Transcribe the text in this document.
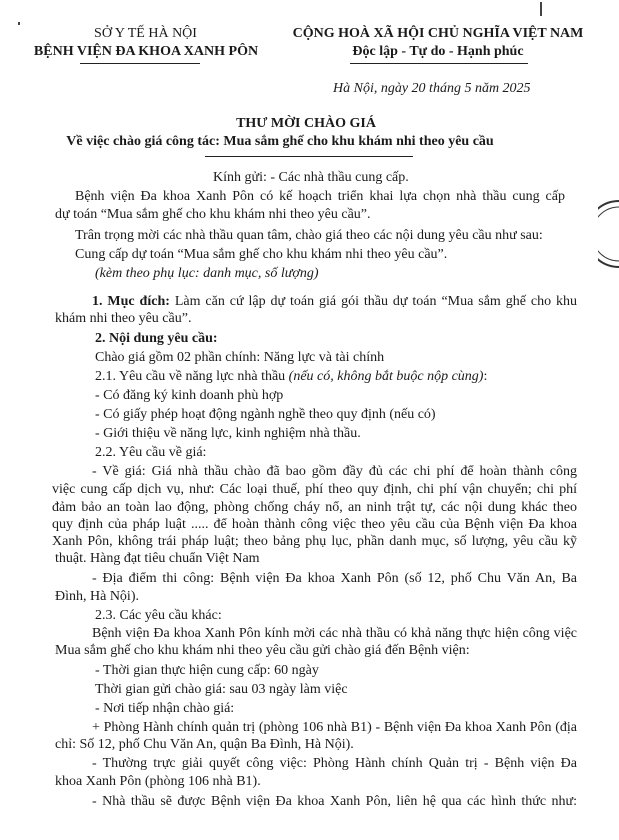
SỞ Y TẾ HÀ NỘI
BỆNH VIỆN ĐA KHOA XANH PÔN
CỘNG HOÀ XÃ HỘI CHỦ NGHĨA VIỆT NAM
Độc lập - Tự do - Hạnh phúc
Hà Nội, ngày 20 tháng 5 năm 2025
THƯ MỜI CHÀO GIÁ
Về việc chào giá công tác: Mua sắm ghế cho khu khám nhi theo yêu cầu
Kính gửi: - Các nhà thầu cung cấp.
Bệnh viện Đa khoa Xanh Pôn có kế hoạch triển khai lựa chọn nhà thầu cung cấp
dự toán “Mua sắm ghế cho khu khám nhi theo yêu cầu”.
Trân trọng mời các nhà thầu quan tâm, chào giá theo các nội dung yêu cầu như sau:
Cung cấp dự toán “Mua sắm ghế cho khu khám nhi theo yêu cầu”.
(kèm theo phụ lục: danh mục, số lượng)
1. Mục đích: Làm căn cứ lập dự toán giá gói thầu dự toán “Mua sắm ghế cho khu
khám nhi theo yêu cầu”.
2. Nội dung yêu cầu:
Chào giá gồm 02 phần chính: Năng lực và tài chính
2.1. Yêu cầu về năng lực nhà thầu (nếu có, không bắt buộc nộp cùng):
- Có đăng ký kinh doanh phù hợp
- Có giấy phép hoạt động ngành nghề theo quy định (nếu có)
- Giới thiệu về năng lực, kinh nghiệm nhà thầu.
2.2. Yêu cầu về giá:
- Về giá: Giá nhà thầu chào đã bao gồm đầy đủ các chi phí để hoàn thành công
việc cung cấp dịch vụ, như: Các loại thuế, phí theo quy định, chi phí vận chuyển; chi phí
đảm bảo an toàn lao động, phòng chống cháy nổ, an ninh trật tự, các nội dung khác theo
quy định của pháp luật ..... để hoàn thành công việc theo yêu cầu của Bệnh viện Đa khoa
Xanh Pôn, không trái pháp luật; theo bảng phụ lục, phần danh mục, số lượng, yêu cầu kỹ
thuật. Hàng đạt tiêu chuẩn Việt Nam
- Địa điểm thi công: Bệnh viện Đa khoa Xanh Pôn (số 12, phố Chu Văn An, Ba
Đình, Hà Nội).
2.3. Các yêu cầu khác:
Bệnh viện Đa khoa Xanh Pôn kính mời các nhà thầu có khả năng thực hiện công việc
Mua sắm ghế cho khu khám nhi theo yêu cầu gửi chào giá đến Bệnh viện:
- Thời gian thực hiện cung cấp: 60 ngày
Thời gian gửi chào giá: sau 03 ngày làm việc
- Nơi tiếp nhận chào giá:
+ Phòng Hành chính quản trị (phòng 106 nhà B1) - Bệnh viện Đa khoa Xanh Pôn (địa
chỉ: Số 12, phố Chu Văn An, quận Ba Đình, Hà Nội).
- Thường trực giải quyết công việc: Phòng Hành chính Quản trị - Bệnh viện Đa
khoa Xanh Pôn (phòng 106 nhà B1).
- Nhà thầu sẽ được Bệnh viện Đa khoa Xanh Pôn, liên hệ qua các hình thức như:
